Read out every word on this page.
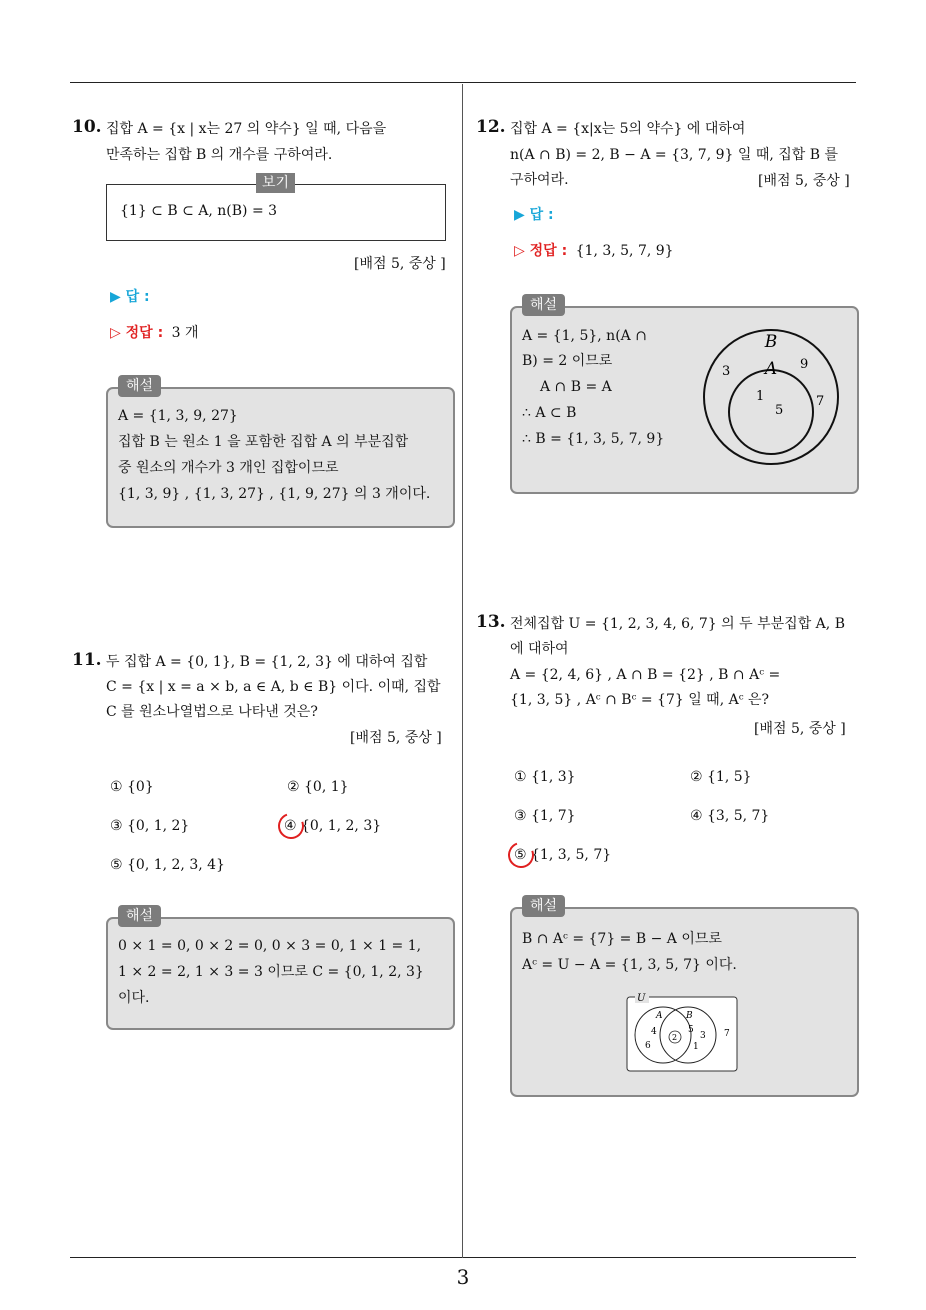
10. 집합 A = {x | x는 27 의 약수} 일 때, 다음을
만족하는 집합 B 의 개수를 구하여라.
보기
{1} ⊂ B ⊂ A, n(B) = 3
[배점 5, 중상 ]
▶ 답 :
▷ 정답 : 3 개
해설
A = {1, 3, 9, 27}
집합 B 는 원소 1 을 포함한 집합 A 의 부분집합
중 원소의 개수가 3 개인 집합이므로
{1, 3, 9} , {1, 3, 27} , {1, 9, 27} 의 3 개이다.
11. 두 집합 A = {0, 1}, B = {1, 2, 3} 에 대하여 집합
C = {x | x = a × b, a ∈ A, b ∈ B} 이다. 이때, 집합
C 를 원소나열법으로 나타낸 것은?
[배점 5, 중상 ]
① {0}	② {0, 1}
③ {0, 1, 2}	④ {0, 1, 2, 3}
⑤ {0, 1, 2, 3, 4}
해설
0 × 1 = 0, 0 × 2 = 0, 0 × 3 = 0, 1 × 1 = 1,
1 × 2 = 2, 1 × 3 = 3 이므로 C = {0, 1, 2, 3}
이다.
12. 집합 A = {x|x는 5의 약수} 에 대하여
n(A ∩ B) = 2, B − A = {3, 7, 9} 일 때, 집합 B 를
구하여라.	[배점 5, 중상 ]
▶ 답 :
▷ 정답 : {1, 3, 5, 7, 9}
해설
A = {1, 5}, n(A ∩
B) = 2 이므로
A ∩ B = A
∴ A ⊂ B
∴ B = {1, 3, 5, 7, 9}
B
A
1
5
3	9
7
13. 전체집합 U = {1, 2, 3, 4, 6, 7} 의 두 부분집합 A, B
에 대하여
A = {2, 4, 6} , A ∩ B = {2} , B ∩ Aᶜ =
{1, 3, 5} , Aᶜ ∩ Bᶜ = {7} 일 때, Aᶜ 은?
[배점 5, 중상 ]
① {1, 3}	② {1, 5}
③ {1, 7}	④ {3, 5, 7}
⑤ {1, 3, 5, 7}
해설
B ∩ Aᶜ = {7} = B − A 이므로
Aᶜ = U − A = {1, 3, 5, 7} 이다.
U
A	B
4
6
2
5
3
1
7
3
